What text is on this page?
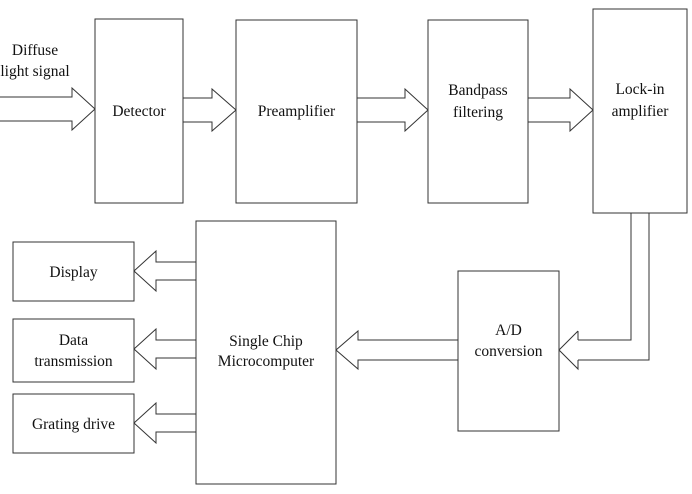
Detector	Preamplifier
Bandpass filtering
Lock-in amplifier
A/D conversion
Single Chip Microcomputer
Display
Data transmission
Grating drive
Diffuse light signal
